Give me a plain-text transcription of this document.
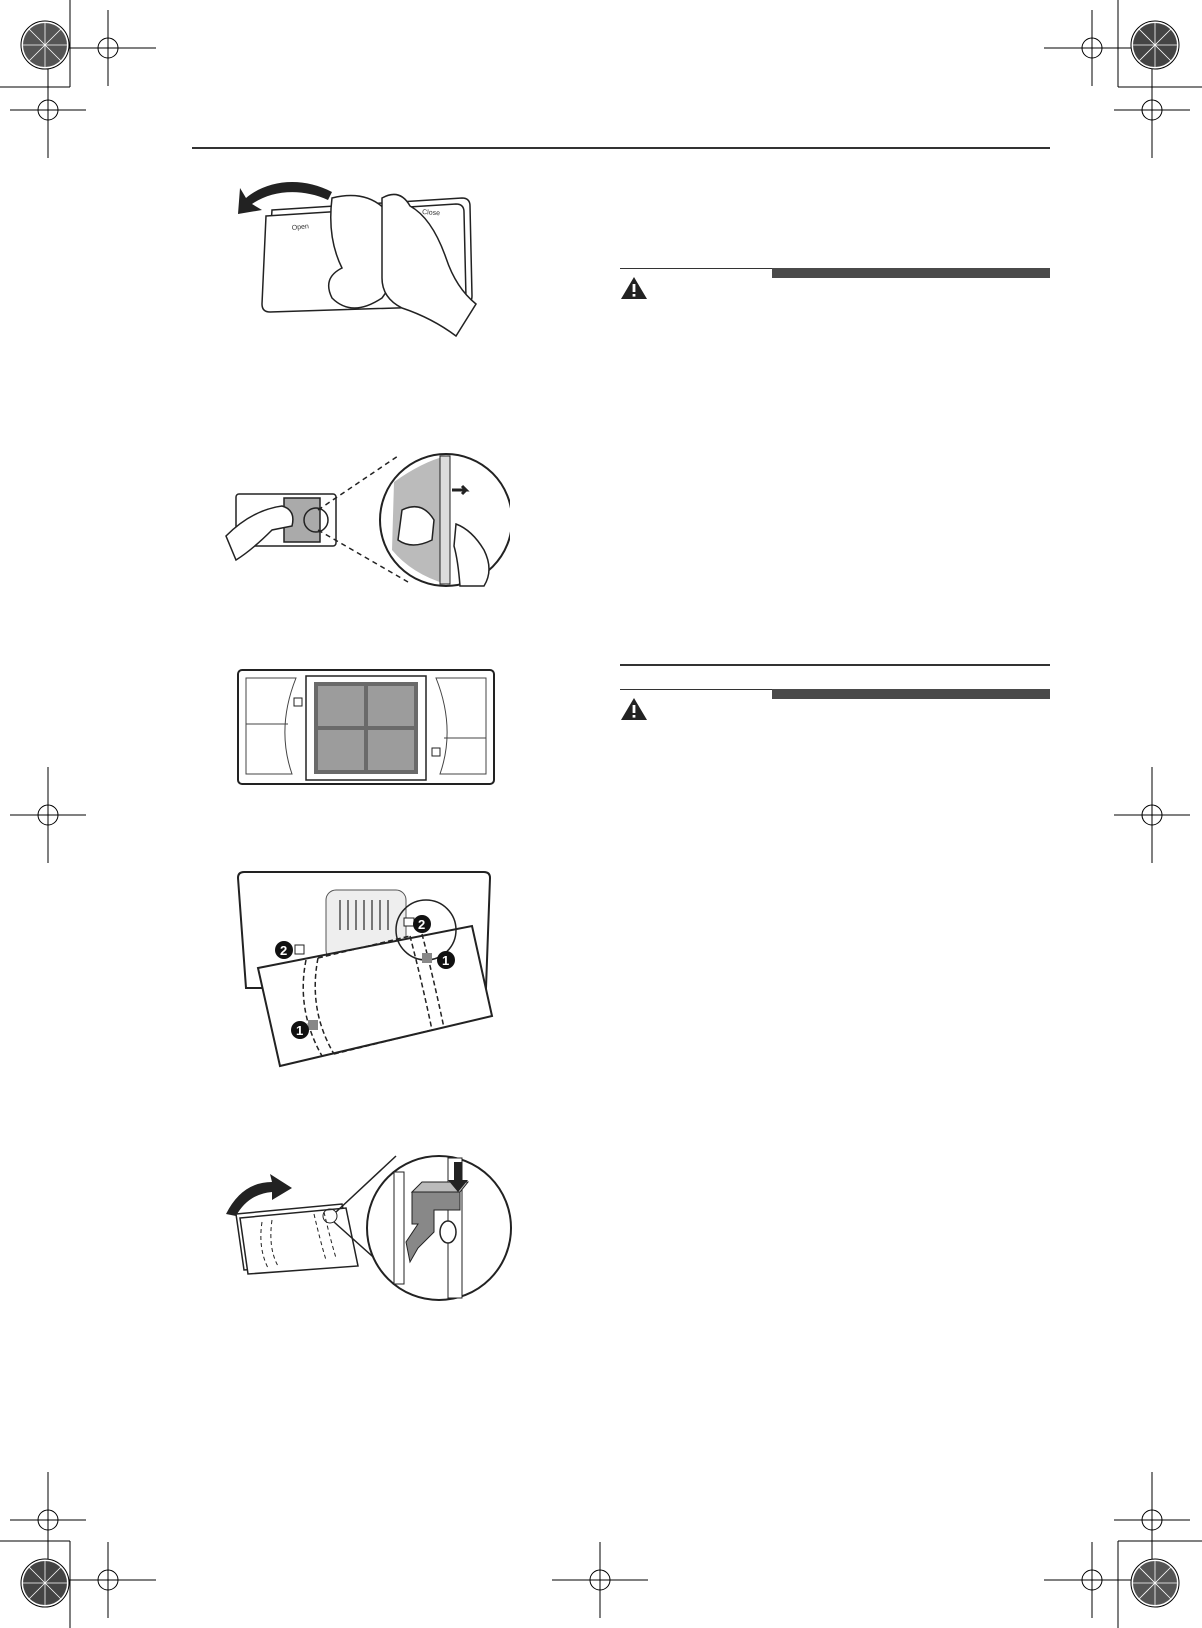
Open
Close
2
2
1
1
